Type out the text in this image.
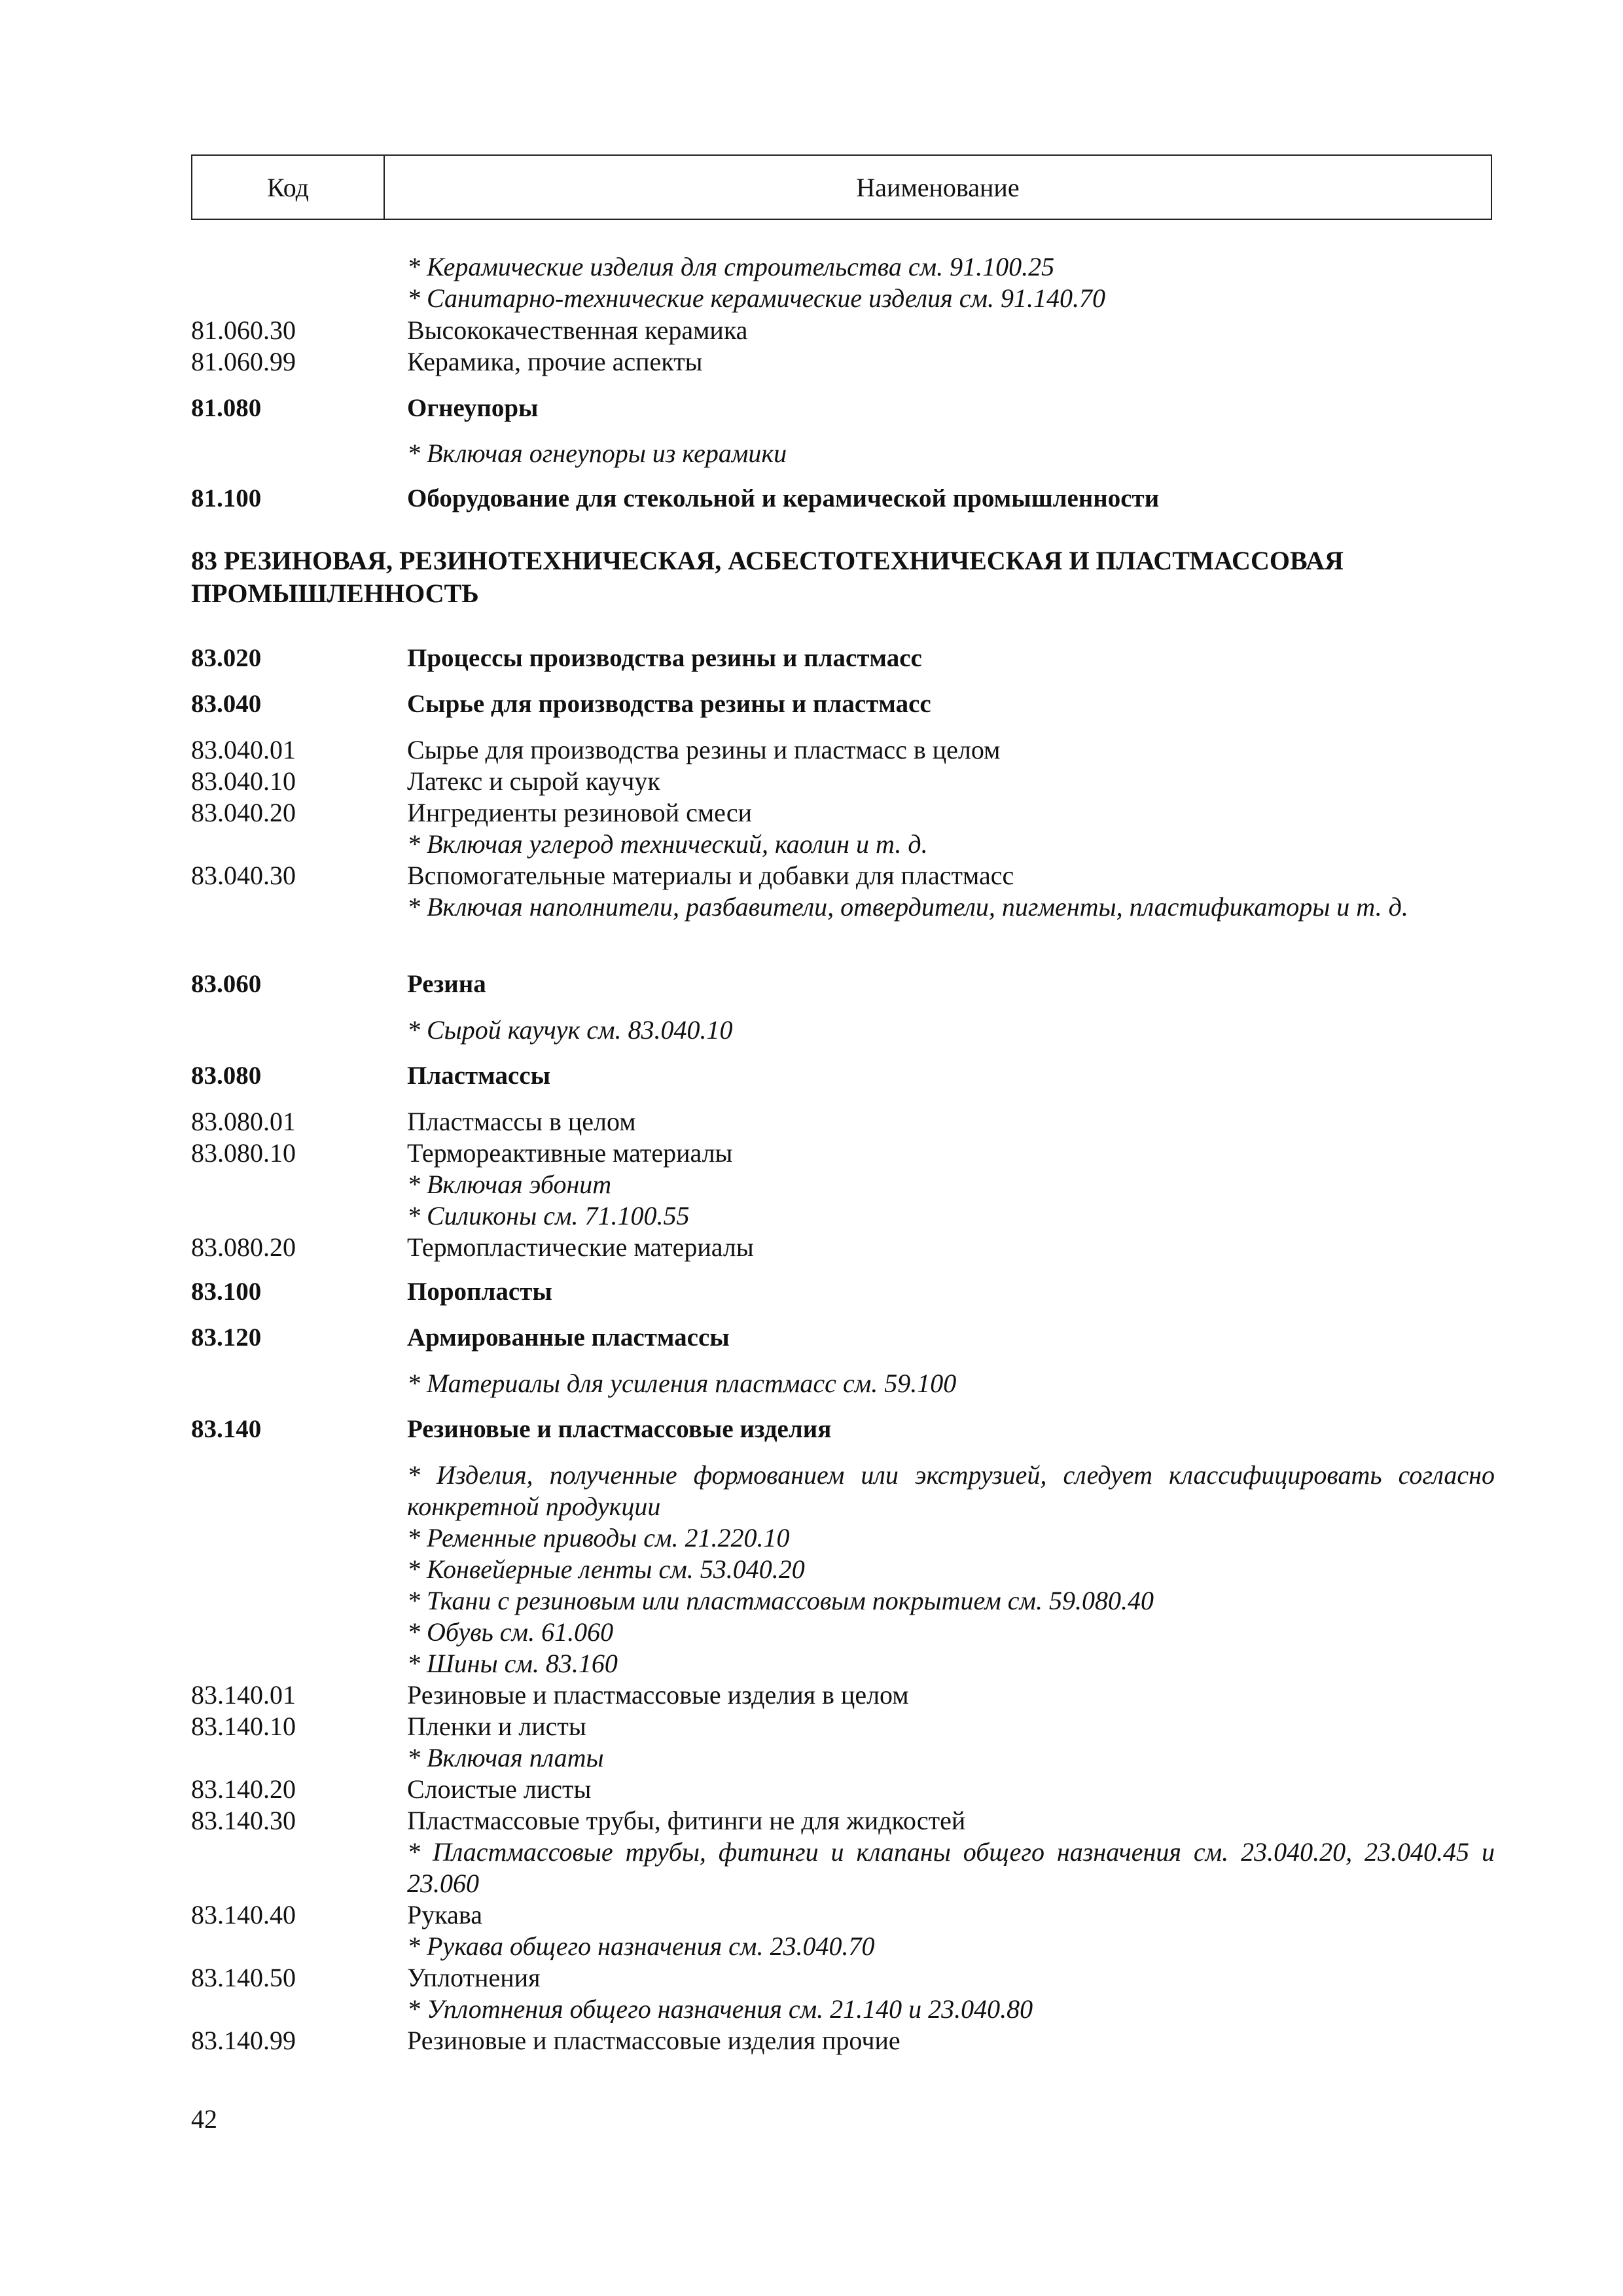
Код	Наименование
* Керамические изделия для строительства см. 91.100.25
* Санитарно-технические керамические изделия см. 91.140.70
81.060.30	Высококачественная керамика
81.060.99	Керамика, прочие аспекты
81.080	Огнеупоры
* Включая огнеупоры из керамики
81.100	Оборудование для стекольной и керамической промышленности
83 РЕЗИНОВАЯ, РЕЗИНОТЕХНИЧЕСКАЯ, АСБЕСТОТЕХНИЧЕСКАЯ И ПЛАСТМАССОВАЯ ПРОМЫШЛЕННОСТЬ
83.020	Процессы производства резины и пластмасс
83.040	Сырье для производства резины и пластмасс
83.040.01	Сырье для производства резины и пластмасс в целом
83.040.10	Латекс и сырой каучук
83.040.20	Ингредиенты резиновой смеси
* Включая углерод технический, каолин и т. д.
83.040.30	Вспомогательные материалы и добавки для пластмасс
* Включая наполнители, разбавители, отвердители, пигменты, пластификаторы и т. д.
83.060	Резина
* Сырой каучук см. 83.040.10
83.080	Пластмассы
83.080.01	Пластмассы в целом
83.080.10	Термореактивные материалы
* Включая эбонит
* Силиконы см. 71.100.55
83.080.20	Термопластические материалы
83.100	Поропласты
83.120	Армированные пластмассы
* Материалы для усиления пластмасс см. 59.100
83.140	Резиновые и пластмассовые изделия
* Изделия, полученные формованием или экструзией, следует классифицировать согласно конкретной продукции
* Ременные приводы см. 21.220.10
* Конвейерные ленты см. 53.040.20
* Ткани с резиновым или пластмассовым покрытием см. 59.080.40
* Обувь см. 61.060
* Шины см. 83.160
83.140.01	Резиновые и пластмассовые изделия в целом
83.140.10	Пленки и листы
* Включая платы
83.140.20	Слоистые листы
83.140.30	Пластмассовые трубы, фитинги не для жидкостей
* Пластмассовые трубы, фитинги и клапаны общего назначения см. 23.040.20, 23.040.45 и 23.060
83.140.40	Рукава
* Рукава общего назначения см. 23.040.70
83.140.50	Уплотнения
* Уплотнения общего назначения см. 21.140 и 23.040.80
83.140.99	Резиновые и пластмассовые изделия прочие
42
